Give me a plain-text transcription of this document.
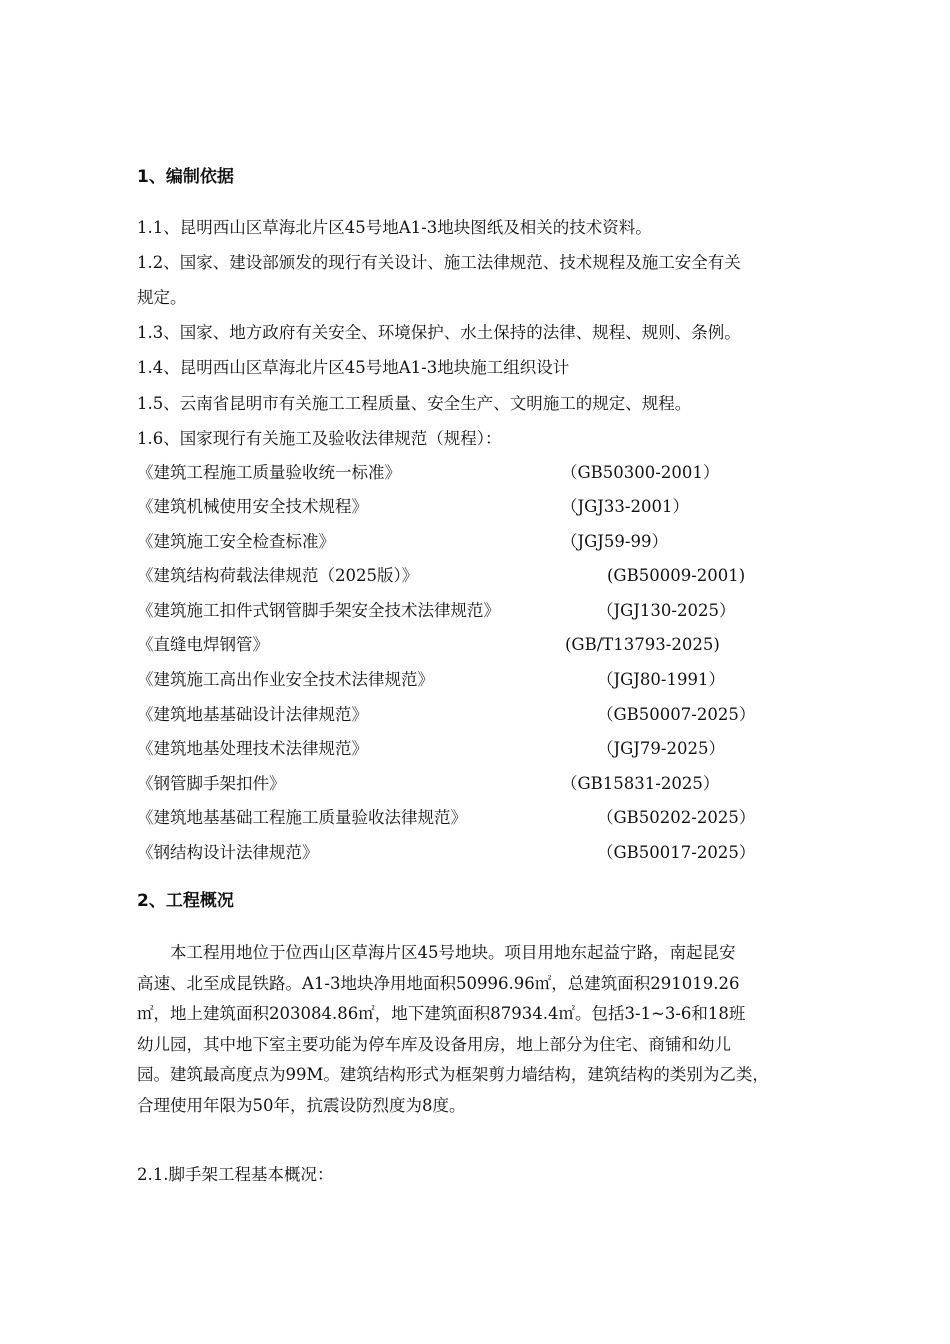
1、编制依据
1.1、昆明西山区草海北片区45号地A1-3地块图纸及相关的技术资料。
1.2、国家、建设部颁发的现行有关设计、施工法律规范、技术规程及施工安全有关
规定。
1.3、国家、地方政府有关安全、环境保护、水土保持的法律、规程、规则、条例。
1.4、昆明西山区草海北片区45号地A1-3地块施工组织设计
1.5、云南省昆明市有关施工工程质量、安全生产、文明施工的规定、规程。
1.6、国家现行有关施工及验收法律规范（规程）：
《建筑工程施工质量验收统一标准》	（GB50300-2001）
《建筑机械使用安全技术规程》	（JGJ33-2001）
《建筑施工安全检查标准》	（JGJ59-99）
《建筑结构荷载法律规范（2025版）》	(GB50009-2001)
《建筑施工扣件式钢管脚手架安全技术法律规范》	（JGJ130-2025）
《直缝电焊钢管》	(GB/T13793-2025)
《建筑施工高出作业安全技术法律规范》	（JGJ80-1991）
《建筑地基基础设计法律规范》	（GB50007-2025）
《建筑地基处理技术法律规范》	（JGJ79-2025）
《钢管脚手架扣件》	（GB15831-2025）
《建筑地基基础工程施工质量验收法律规范》	（GB50202-2025）
《钢结构设计法律规范》	（GB50017-2025）
2、工程概况
　　本工程用地位于位西山区草海片区45号地块。项目用地东起益宁路，南起昆安
高速、北至成昆铁路。A1-3地块净用地面积50996.96㎡，总建筑面积291019.26
㎡，地上建筑面积203084.86㎡，地下建筑面积87934.4㎡。包括3-1~3-6和18班
幼儿园，其中地下室主要功能为停车库及设备用房，地上部分为住宅、商铺和幼儿
园。建筑最高度点为99M。建筑结构形式为框架剪力墙结构，建筑结构的类别为乙类，
合理使用年限为50年，抗震设防烈度为8度。
2.1.脚手架工程基本概况：
